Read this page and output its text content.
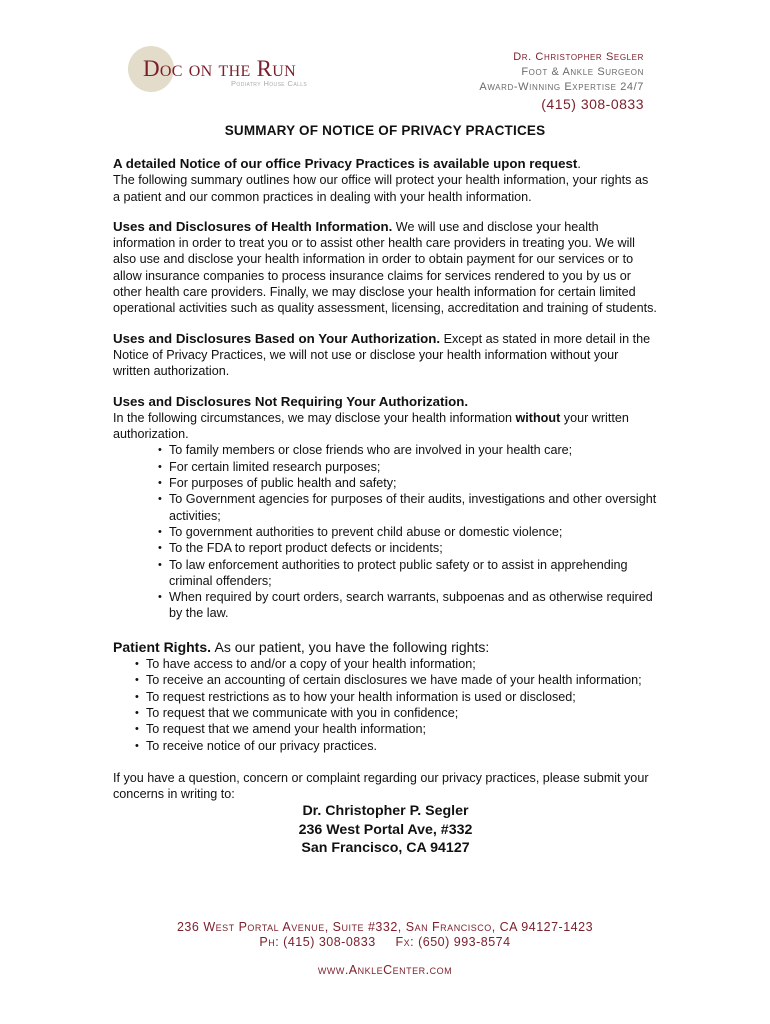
Doc on the Run
Podiatry House Calls
Dr. Christopher Segler
Foot & Ankle Surgeon
Award-Winning Expertise 24/7
(415) 308-0833
SUMMARY OF NOTICE OF PRIVACY PRACTICES

A detailed Notice of our office Privacy Practices is available upon request.
The following summary outlines how our office will protect your health information, your rights as a patient and our common practices in dealing with your health information.

Uses and Disclosures of Health Information. We will use and disclose your health information in order to treat you or to assist other health care providers in treating you. We will also use and disclose your health information in order to obtain payment for our services or to allow insurance companies to process insurance claims for services rendered to you by us or other health care providers. Finally, we may disclose your health information for certain limited operational activities such as quality assessment, licensing, accreditation and training of students.

Uses and Disclosures Based on Your Authorization. Except as stated in more detail in the Notice of Privacy Practices, we will not use or disclose your health information without your written authorization.

Uses and Disclosures Not Requiring Your Authorization.
In the following circumstances, we may disclose your health information without your written authorization.
• To family members or close friends who are involved in your health care;
• For certain limited research purposes;
• For purposes of public health and safety;
• To Government agencies for purposes of their audits, investigations and other oversight activities;
• To government authorities to prevent child abuse or domestic violence;
• To the FDA to report product defects or incidents;
• To law enforcement authorities to protect public safety or to assist in apprehending criminal offenders;
• When required by court orders, search warrants, subpoenas and as otherwise required by the law.
Patient Rights. As our patient, you have the following rights:
• To have access to and/or a copy of your health information;
• To receive an accounting of certain disclosures we have made of your health information;
• To request restrictions as to how your health information is used or disclosed;
• To request that we communicate with you in confidence;
• To request that we amend your health information;
• To receive notice of our privacy practices.

If you have a question, concern or complaint regarding our privacy practices, please submit your concerns in writing to:

Dr. Christopher P. Segler
236 West Portal Ave, #332
San Francisco, CA 94127
236 West Portal Avenue, Suite #332, San Francisco, CA 94127-1423
Ph: (415) 308-0833     Fx: (650) 993-8574
www.AnkleCenter.com
